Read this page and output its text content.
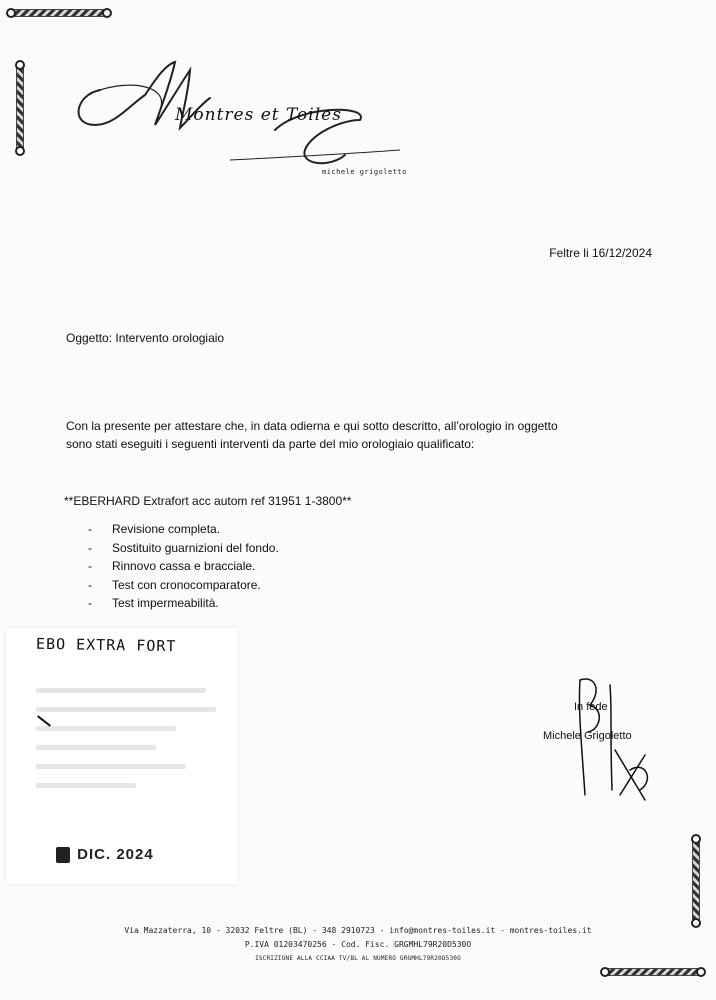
Montres et Toiles
michele grigoletto
Feltre li 16/12/2024
Oggetto: Intervento orologiaio
Con la presente per attestare che, in data odierna e qui sotto descritto, all’orologio in oggetto
sono stati eseguiti i seguenti interventi da parte del mio orologiaio qualificato:
**EBERHARD Extrafort acc autom ref 31951 1-3800**
- Revisione completa.
- Sostituito guarnizioni del fondo.
- Rinnovo cassa e bracciale.
- Test con cronocomparatore.
- Test impermeabilità.
EBO EXTRA FORT
DIC. 2024
In fede
Michele Grigoletto
Via Mazzaterra, 10 - 32032 Feltre (BL) - 348 2910723 - info@montres-toiles.it - montres-toiles.it
P.IVA 01203470256 - Cod. Fisc. GRGMHL79R20D530O
ISCRIZIONE ALLA CCIAA TV/BL AL NUMERO GRGMHL79R20D530O
